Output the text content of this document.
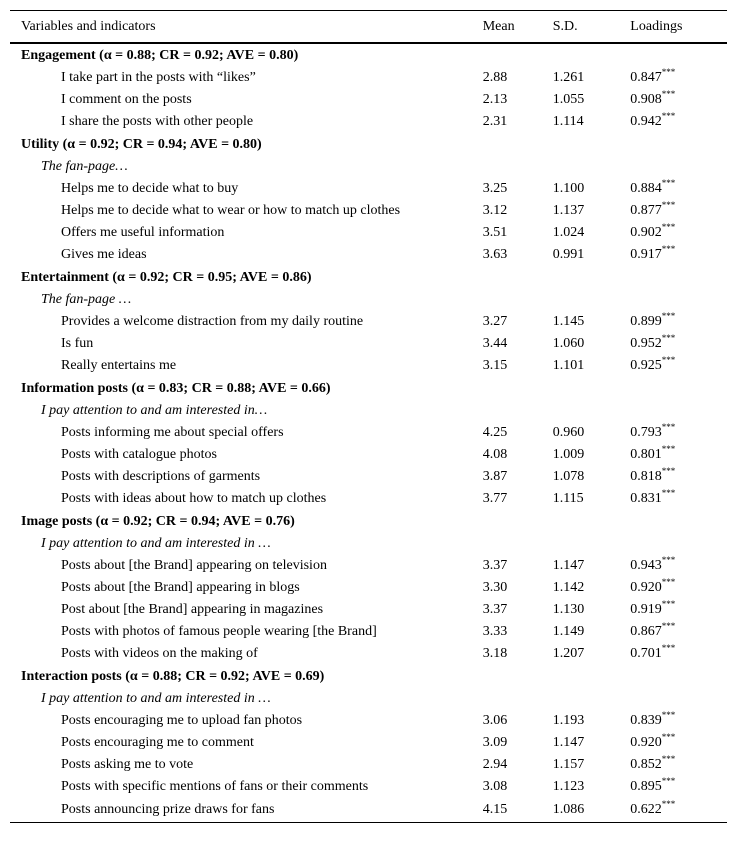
Variables and indicators	Mean	S.D.	Loadings
Engagement (α = 0.88; CR = 0.92; AVE = 0.80)			
I take part in the posts with “likes”	2.88	1.261	0.847***
I comment on the posts	2.13	1.055	0.908***
I share the posts with other people	2.31	1.114	0.942***
Utility (α = 0.92; CR = 0.94; AVE = 0.80)			
The fan-page…			
Helps me to decide what to buy	3.25	1.100	0.884***
Helps me to decide what to wear or how to match up clothes	3.12	1.137	0.877***
Offers me useful information	3.51	1.024	0.902***
Gives me ideas	3.63	0.991	0.917***
Entertainment (α = 0.92; CR = 0.95; AVE = 0.86)			
The fan-page …			
Provides a welcome distraction from my daily routine	3.27	1.145	0.899***
Is fun	3.44	1.060	0.952***
Really entertains me	3.15	1.101	0.925***
Information posts (α = 0.83; CR = 0.88; AVE = 0.66)			
I pay attention to and am interested in…			
Posts informing me about special offers	4.25	0.960	0.793***
Posts with catalogue photos	4.08	1.009	0.801***
Posts with descriptions of garments	3.87	1.078	0.818***
Posts with ideas about how to match up clothes	3.77	1.115	0.831***
Image posts (α = 0.92; CR = 0.94; AVE = 0.76)			
I pay attention to and am interested in …			
Posts about [the Brand] appearing on television	3.37	1.147	0.943***
Posts about [the Brand] appearing in blogs	3.30	1.142	0.920***
Post about [the Brand] appearing in magazines	3.37	1.130	0.919***
Posts with photos of famous people wearing [the Brand]	3.33	1.149	0.867***
Posts with videos on the making of	3.18	1.207	0.701***
Interaction posts (α = 0.88; CR = 0.92; AVE = 0.69)			
I pay attention to and am interested in …			
Posts encouraging me to upload fan photos	3.06	1.193	0.839***
Posts encouraging me to comment	3.09	1.147	0.920***
Posts asking me to vote	2.94	1.157	0.852***
Posts with specific mentions of fans or their comments	3.08	1.123	0.895***
Posts announcing prize draws for fans	4.15	1.086	0.622***
